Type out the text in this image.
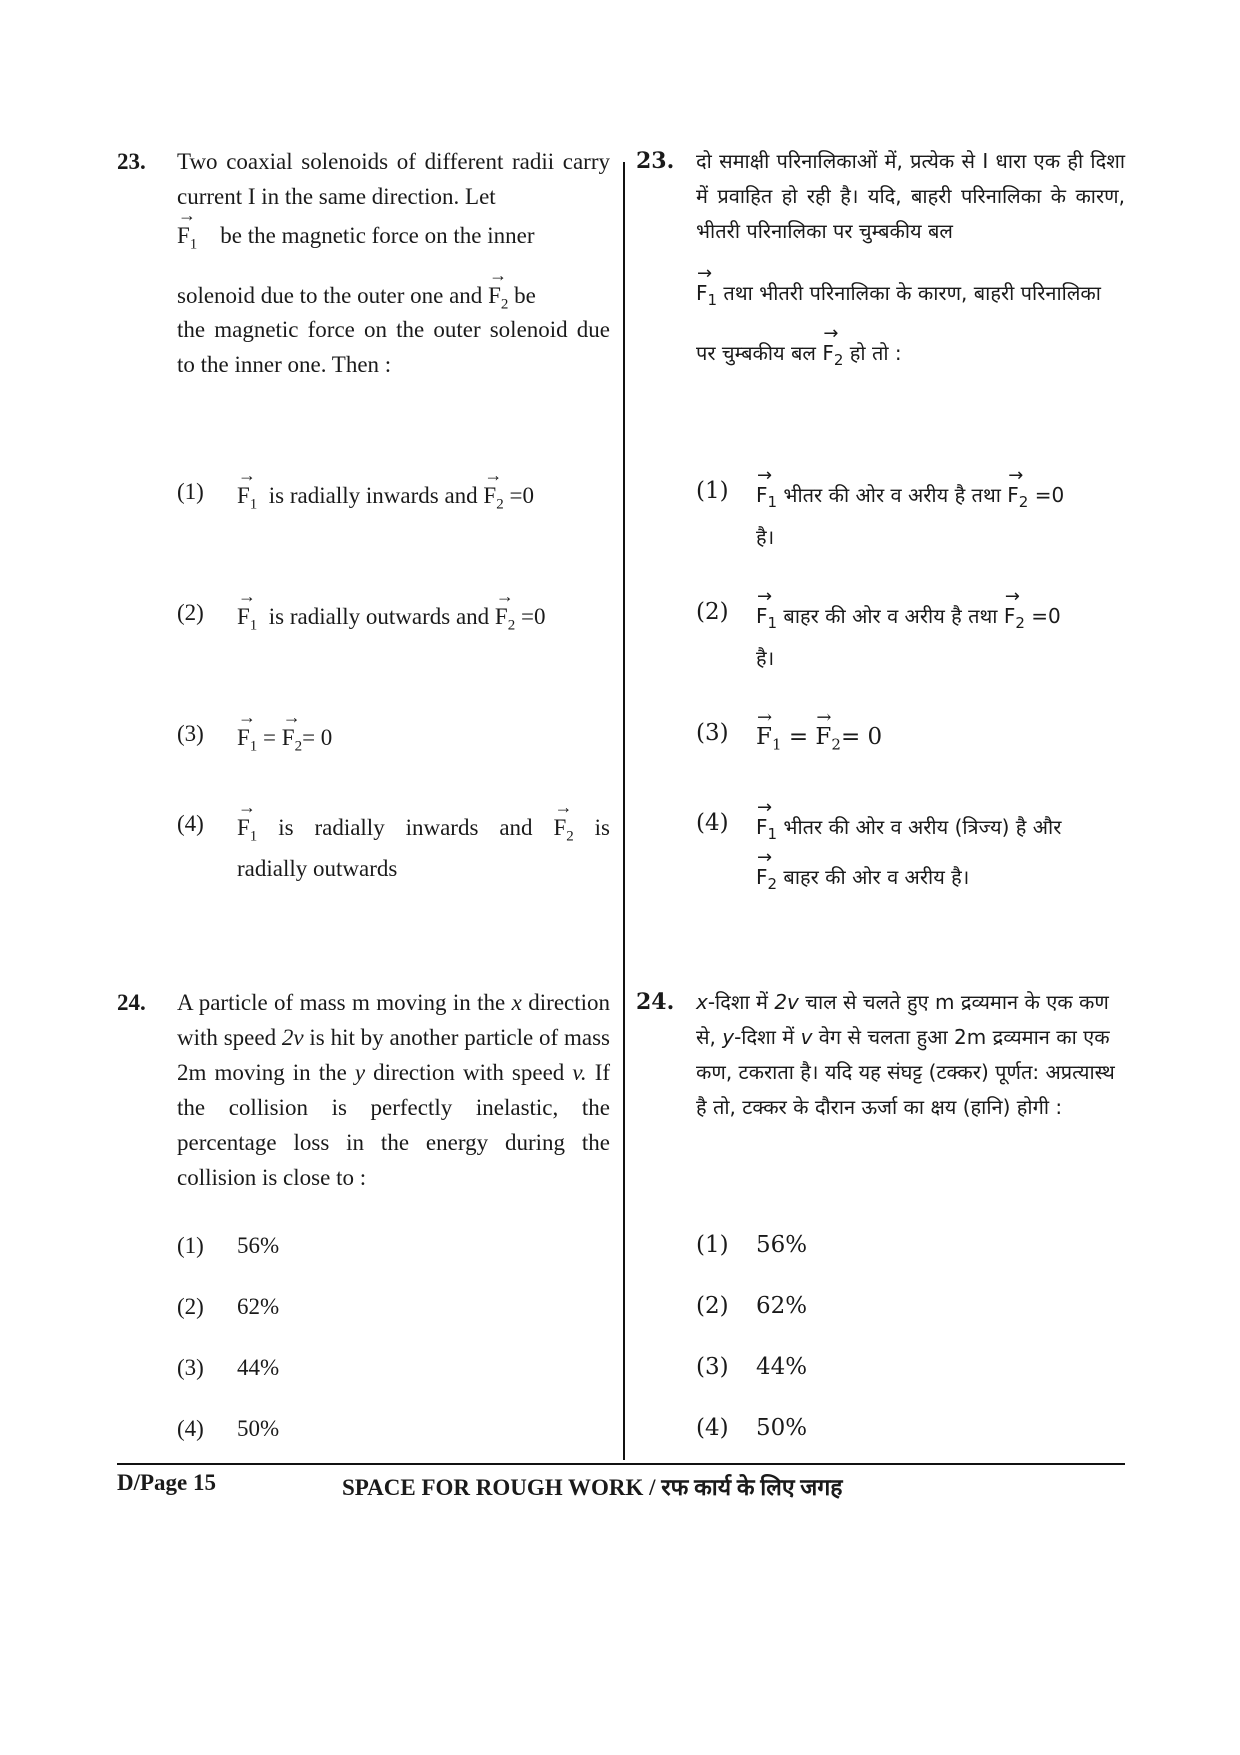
23. Two coaxial solenoids of different radii carry current I in the same direction. Let
→ $F_1$ be the magnetic force on the inner
solenoid due to the outer one and → $F_2$ be
the magnetic force on the outer solenoid due to the inner one. Then :
(1)
→ $F_1$ is radially inwards and → $F_2 =0$
(2)
→ $F_1$ is radially outwards and → $F_2 =0$
(3)
→ $F_1$ = → $F_2= 0$
(4)
→ $F_1$ is radially inwards and → $F_2$ is
radially outwards
24. A particle of mass m moving in the x direction with speed 2v is hit by another particle of mass 2m moving in the y direction with speed v. If the collision is perfectly inelastic, the percentage loss in the energy during the collision is close to :
(1) 56%
(2) 62%
(3) 44%
(4) 50%
23. दो समाक्षी परिनालिकाओं में, प्रत्येक से I धारा एक ही दिशा में प्रवाहित हो रही है। यदि, बाहरी परिनालिका के कारण, भीतरी परिनालिका पर चुम्बकीय बल
→ $F_1$ तथा भीतरी परिनालिका के कारण, बाहरी परिनालिका
पर चुम्बकीय बल → $F_2$ हो तो :
(1)
→ $F_1$ भीतर की ओर व अरीय है तथा → $F_2 =0$
है।
(2)
→ $F_1$ बाहर की ओर व अरीय है तथा → $F_2 =0$
है।
(3)
→ $F_1$ = → $F_2= 0$
(4)
→ $F_1$ भीतर की ओर व अरीय (त्रिज्य) है और
→ $F_2$ बाहर की ओर व अरीय है।
24. x-दिशा में 2v चाल से चलते हुए m द्रव्यमान के एक कण से, y-दिशा में v वेग से चलता हुआ 2m द्रव्यमान का एक कण, टकराता है। यदि यह संघट्ट (टक्कर) पूर्णत: अप्रत्यास्थ है तो, टक्कर के दौरान ऊर्जा का क्षय (हानि) होगी :
(1) 56%
(2) 62%
(3) 44%
(4) 50%
D/Page 15	SPACE FOR ROUGH WORK / रफ कार्य के लिए जगह
